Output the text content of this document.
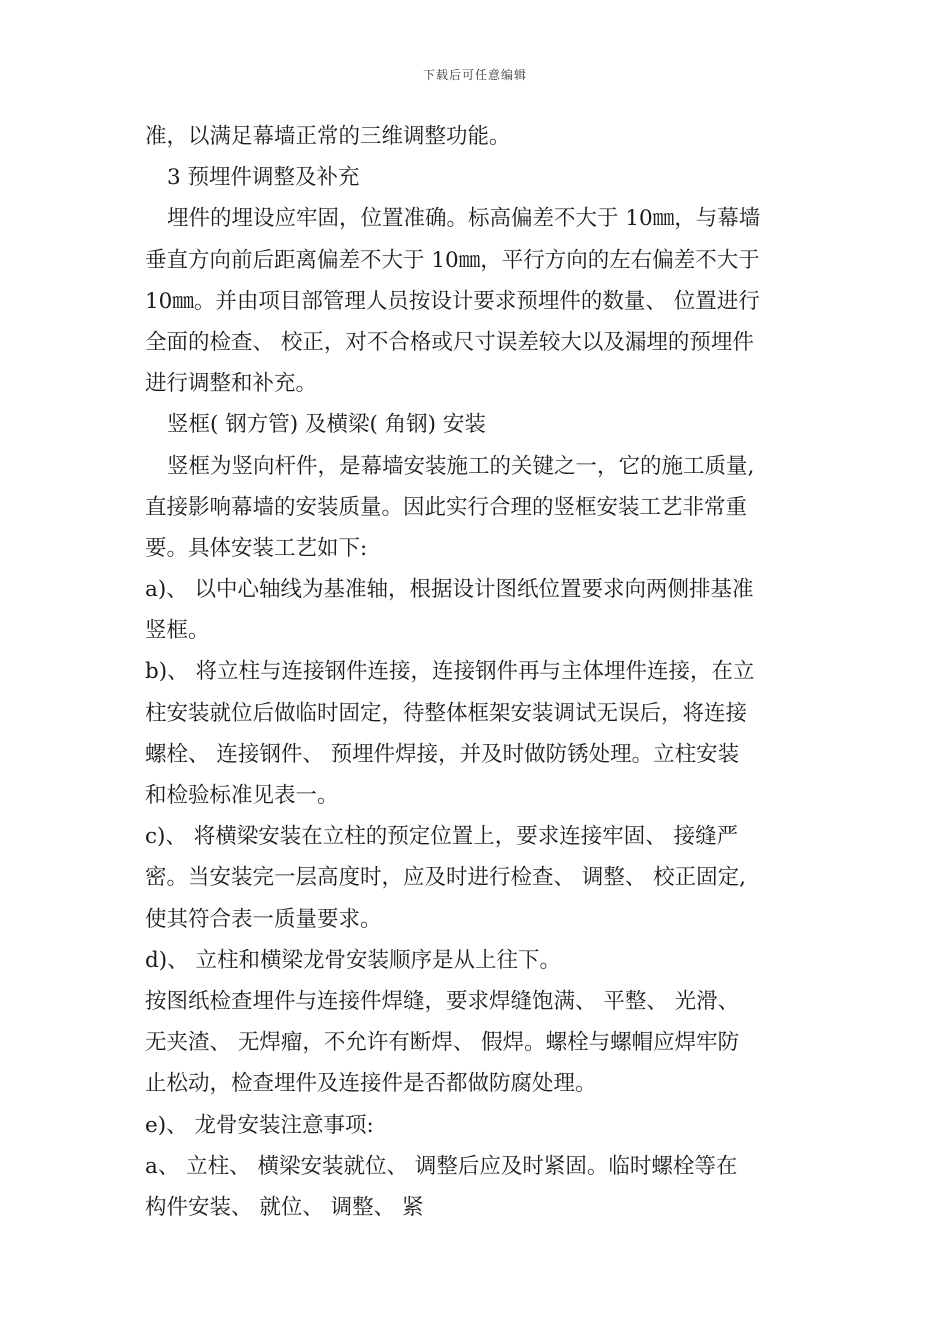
下载后可任意编辑
准，以满足幕墙正常的三维调整功能。
3 预埋件调整及补充
埋件的埋设应牢固，位置准确。标高偏差不大于 10㎜，与幕墙
垂直方向前后距离偏差不大于 10㎜，平行方向的左右偏差不大于
10㎜。并由项目部管理人员按设计要求预埋件的数量、 位置进行
全面的检查、 校正，对不合格或尺寸误差较大以及漏埋的预埋件
进行调整和补充。
竖框( 钢方管) 及横梁( 角钢) 安装
竖框为竖向杆件，是幕墙安装施工的关键之一，它的施工质量,
直接影响幕墙的安装质量。因此实行合理的竖框安装工艺非常重
要。具体安装工艺如下:
a)、 以中心轴线为基准轴，根据设计图纸位置要求向两侧排基准
竖框。
b)、 将立柱与连接钢件连接，连接钢件再与主体埋件连接，在立
柱安装就位后做临时固定，待整体框架安装调试无误后，将连接
螺栓、 连接钢件、 预埋件焊接，并及时做防锈处理。立柱安装
和检验标准见表一。
c)、 将横梁安装在立柱的预定位置上，要求连接牢固、 接缝严
密。当安装完一层高度时，应及时进行检查、 调整、 校正固定,
使其符合表一质量要求。
d)、 立柱和横梁龙骨安装顺序是从上往下。
按图纸检查埋件与连接件焊缝，要求焊缝饱满、 平整、 光滑、
无夹渣、 无焊瘤，不允许有断焊、 假焊。螺栓与螺帽应焊牢防
止松动，检查埋件及连接件是否都做防腐处理。
e)、 龙骨安装注意事项:
a、 立柱、 横梁安装就位、 调整后应及时紧固。临时螺栓等在
构件安装、 就位、 调整、 紧
